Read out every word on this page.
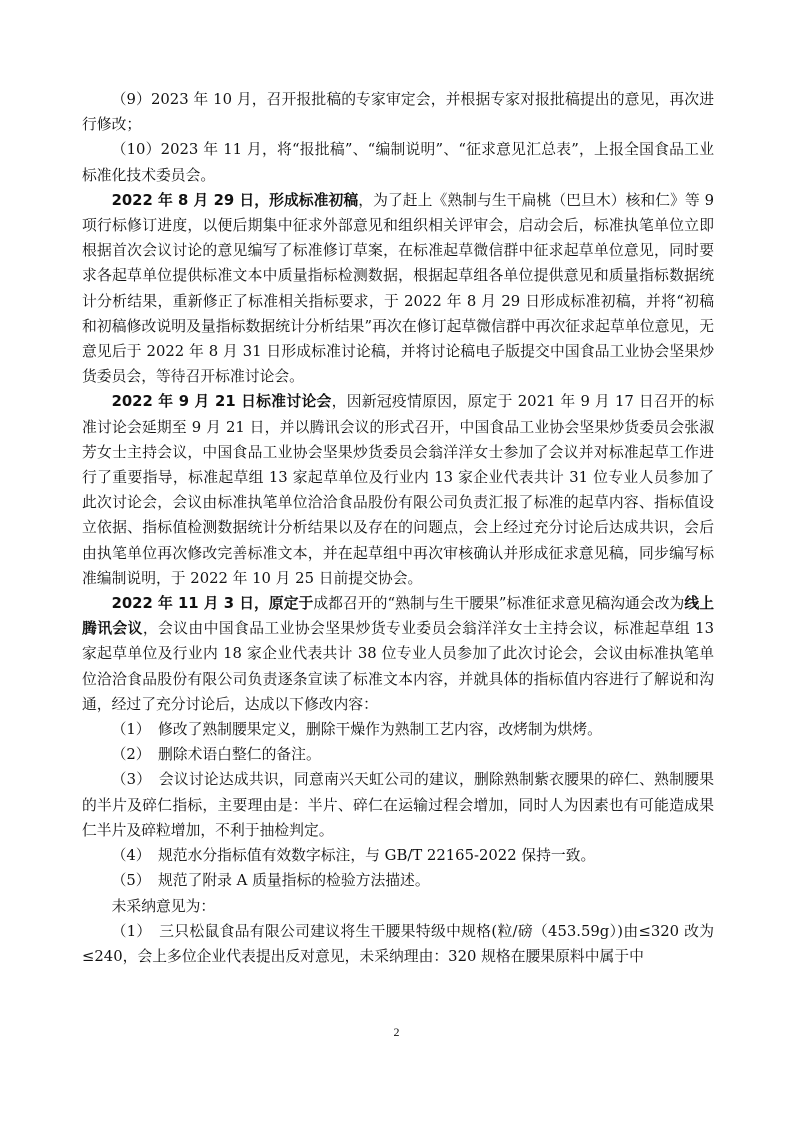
（9）2023 年 10 月，召开报批稿的专家审定会，并根据专家对报批稿提出的意见，再次进行修改；

（10）2023 年 11 月，将“报批稿”、“编制说明”、“征求意见汇总表”，上报全国食品工业标准化技术委员会。

2022 年 8 月 29 日，形成标准初稿，为了赶上《熟制与生干扁桃（巴旦木）核和仁》等 9 项行标修订进度，以便后期集中征求外部意见和组织相关评审会，启动会后，标准执笔单位立即根据首次会议讨论的意见编写了标准修订草案，在标准起草微信群中征求起草单位意见，同时要求各起草单位提供标准文本中质量指标检测数据，根据起草组各单位提供意见和质量指标数据统计分析结果，重新修正了标准相关指标要求，于 2022 年 8 月 29 日形成标准初稿，并将“初稿和初稿修改说明及量指标数据统计分析结果”再次在修订起草微信群中再次征求起草单位意见，无意见后于 2022 年 8 月 31 日形成标准讨论稿，并将讨论稿电子版提交中国食品工业协会坚果炒货委员会，等待召开标准讨论会。

2022 年 9 月 21 日标准讨论会，因新冠疫情原因，原定于 2021 年 9 月 17 日召开的标准讨论会延期至 9 月 21 日，并以腾讯会议的形式召开，中国食品工业协会坚果炒货委员会张淑芳女士主持会议，中国食品工业协会坚果炒货委员会翁洋洋女士参加了会议并对标准起草工作进行了重要指导，标准起草组 13 家起草单位及行业内 13 家企业代表共计 31 位专业人员参加了此次讨论会，会议由标准执笔单位洽洽食品股份有限公司负责汇报了标准的起草内容、指标值设立依据、指标值检测数据统计分析结果以及存在的问题点，会上经过充分讨论后达成共识，会后由执笔单位再次修改完善标准文本，并在起草组中再次审核确认并形成征求意见稿，同步编写标准编制说明，于 2022 年 10 月 25 日前提交协会。

2022 年 11 月 3 日，原定于成都召开的“熟制与生干腰果”标准征求意见稿沟通会改为线上腾讯会议，会议由中国食品工业协会坚果炒货专业委员会翁洋洋女士主持会议，标准起草组 13 家起草单位及行业内 18 家企业代表共计 38 位专业人员参加了此次讨论会，会议由标准执笔单位洽洽食品股份有限公司负责逐条宣读了标准文本内容，并就具体的指标值内容进行了解说和沟通，经过了充分讨论后，达成以下修改内容：

（1）　修改了熟制腰果定义，删除干燥作为熟制工艺内容，改烤制为烘烤。

（2）　删除术语白整仁的备注。

（3）　会议讨论达成共识，同意南兴天虹公司的建议，删除熟制紫衣腰果的碎仁、熟制腰果的半片及碎仁指标，主要理由是：半片、碎仁在运输过程会增加，同时人为因素也有可能造成果仁半片及碎粒增加，不利于抽检判定。

（4）　规范水分指标值有效数字标注，与 GB/T 22165-2022 保持一致。

（5）　规范了附录 A 质量指标的检验方法描述。

未采纳意见为：

（1）　三只松鼠食品有限公司建议将生干腰果特级中规格(粒/磅（453.59g）)由≤320 改为≤240，会上多位企业代表提出反对意见，未采纳理由：320 规格在腰果原料中属于中

2
